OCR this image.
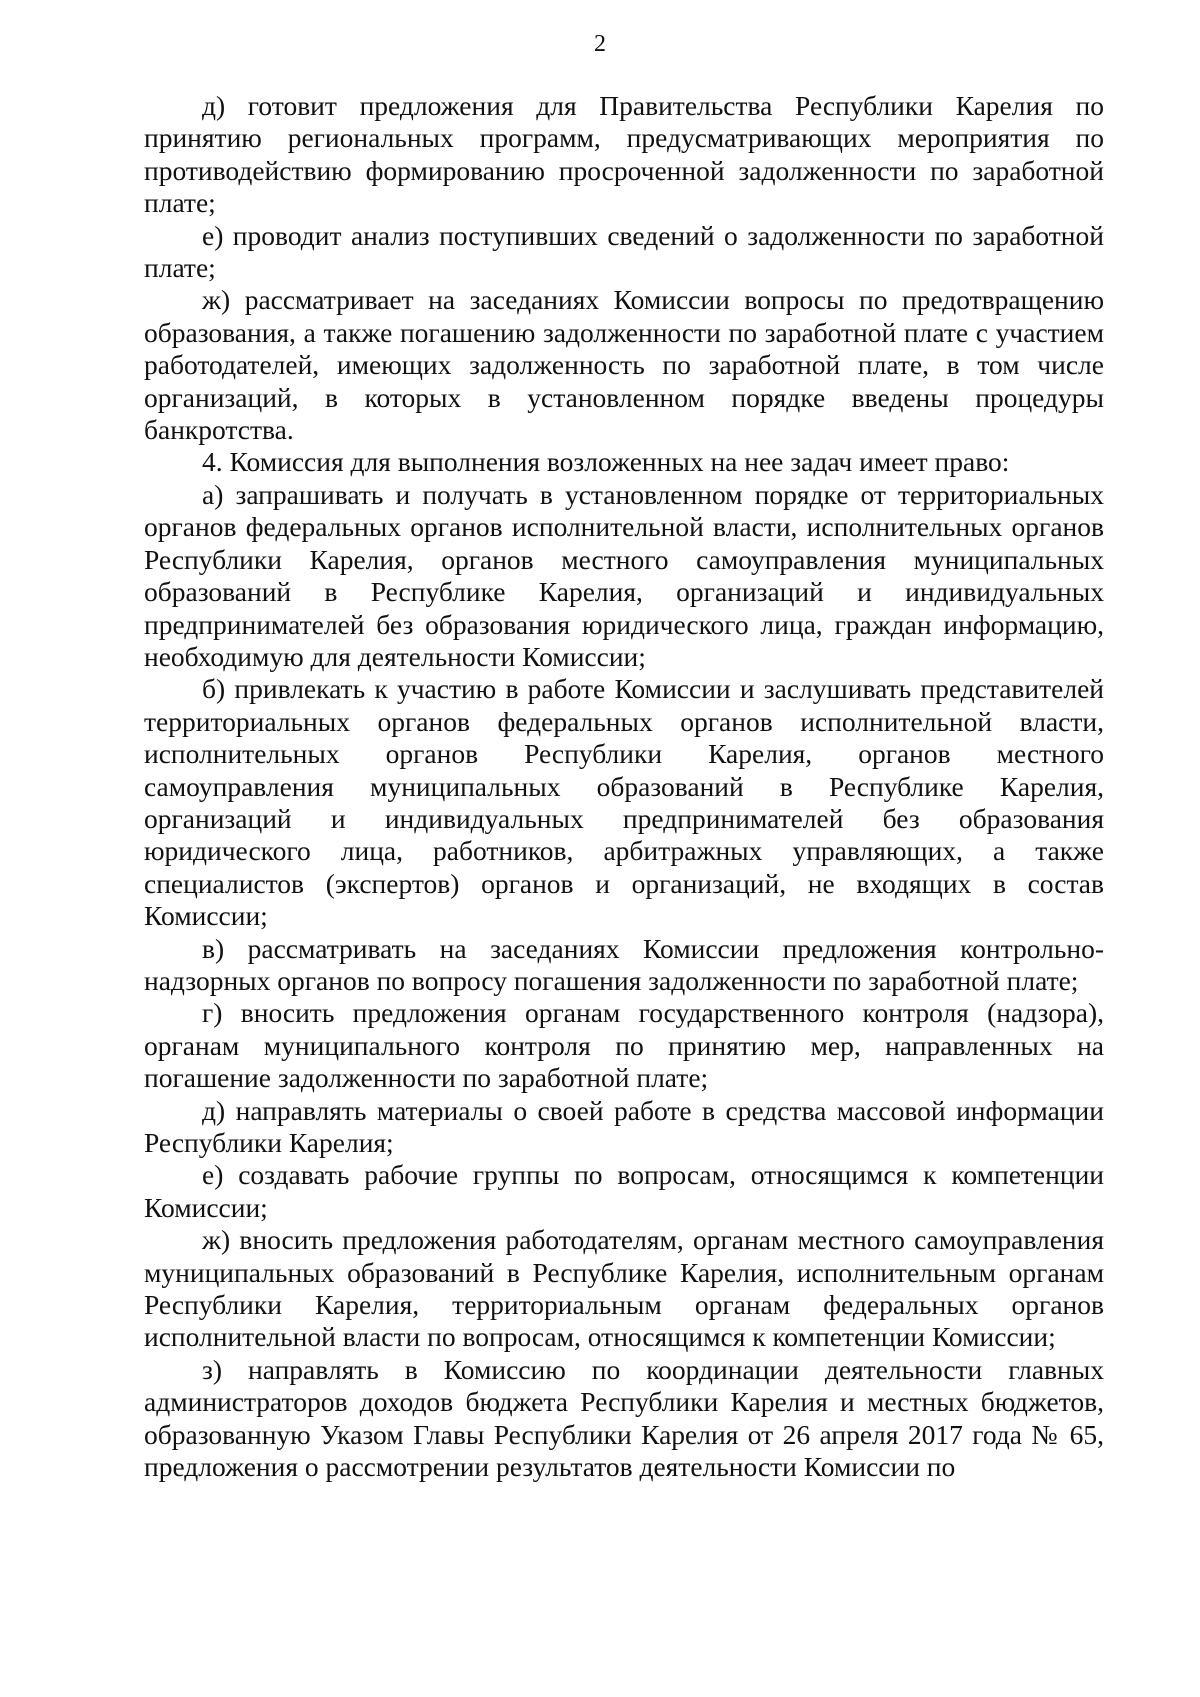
2

д) готовит предложения для Правительства Республики Карелия по принятию региональных программ, предусматривающих мероприятия по противодействию формированию просроченной задолженности по заработной плате;

е) проводит анализ поступивших сведений о задолженности по заработной плате;

ж) рассматривает на заседаниях Комиссии вопросы по предотвращению образования, а также погашению задолженности по заработной плате с участием работодателей, имеющих задолженность по заработной плате, в том числе организаций, в которых в установленном порядке введены процедуры банкротства.

4. Комиссия для выполнения возложенных на нее задач имеет право:

а) запрашивать и получать в установленном порядке от территориальных органов федеральных органов исполнительной власти, исполнительных органов Республики Карелия, органов местного самоуправления муниципальных образований в Республике Карелия, организаций и индивидуальных предпринимателей без образования юридического лица, граждан информацию, необходимую для деятельности Комиссии;

б) привлекать к участию в работе Комиссии и заслушивать представителей территориальных органов федеральных органов исполнительной власти, исполнительных органов Республики Карелия, органов местного самоуправления муниципальных образований в Республике Карелия, организаций и индивидуальных предпринимателей без образования юридического лица, работников, арбитражных управляющих, а также специалистов (экспертов) органов и организаций, не входящих в состав Комиссии;

в) рассматривать на заседаниях Комиссии предложения контрольно-надзорных органов по вопросу погашения задолженности по заработной плате;

г) вносить предложения органам государственного контроля (надзора), органам муниципального контроля по принятию мер, направленных на погашение задолженности по заработной плате;

д) направлять материалы о своей работе в средства массовой информации Республики Карелия;

е) создавать рабочие группы по вопросам, относящимся к компетенции Комиссии;

ж) вносить предложения работодателям, органам местного самоуправления муниципальных образований в Республике Карелия, исполнительным органам Республики Карелия, территориальным органам федеральных органов исполнительной власти по вопросам, относящимся к компетенции Комиссии;

з) направлять в Комиссию по координации деятельности главных администраторов доходов бюджета Республики Карелия и местных бюджетов, образованную Указом Главы Республики Карелия от 26 апреля 2017 года № 65, предложения о рассмотрении результатов деятельности Комиссии по
